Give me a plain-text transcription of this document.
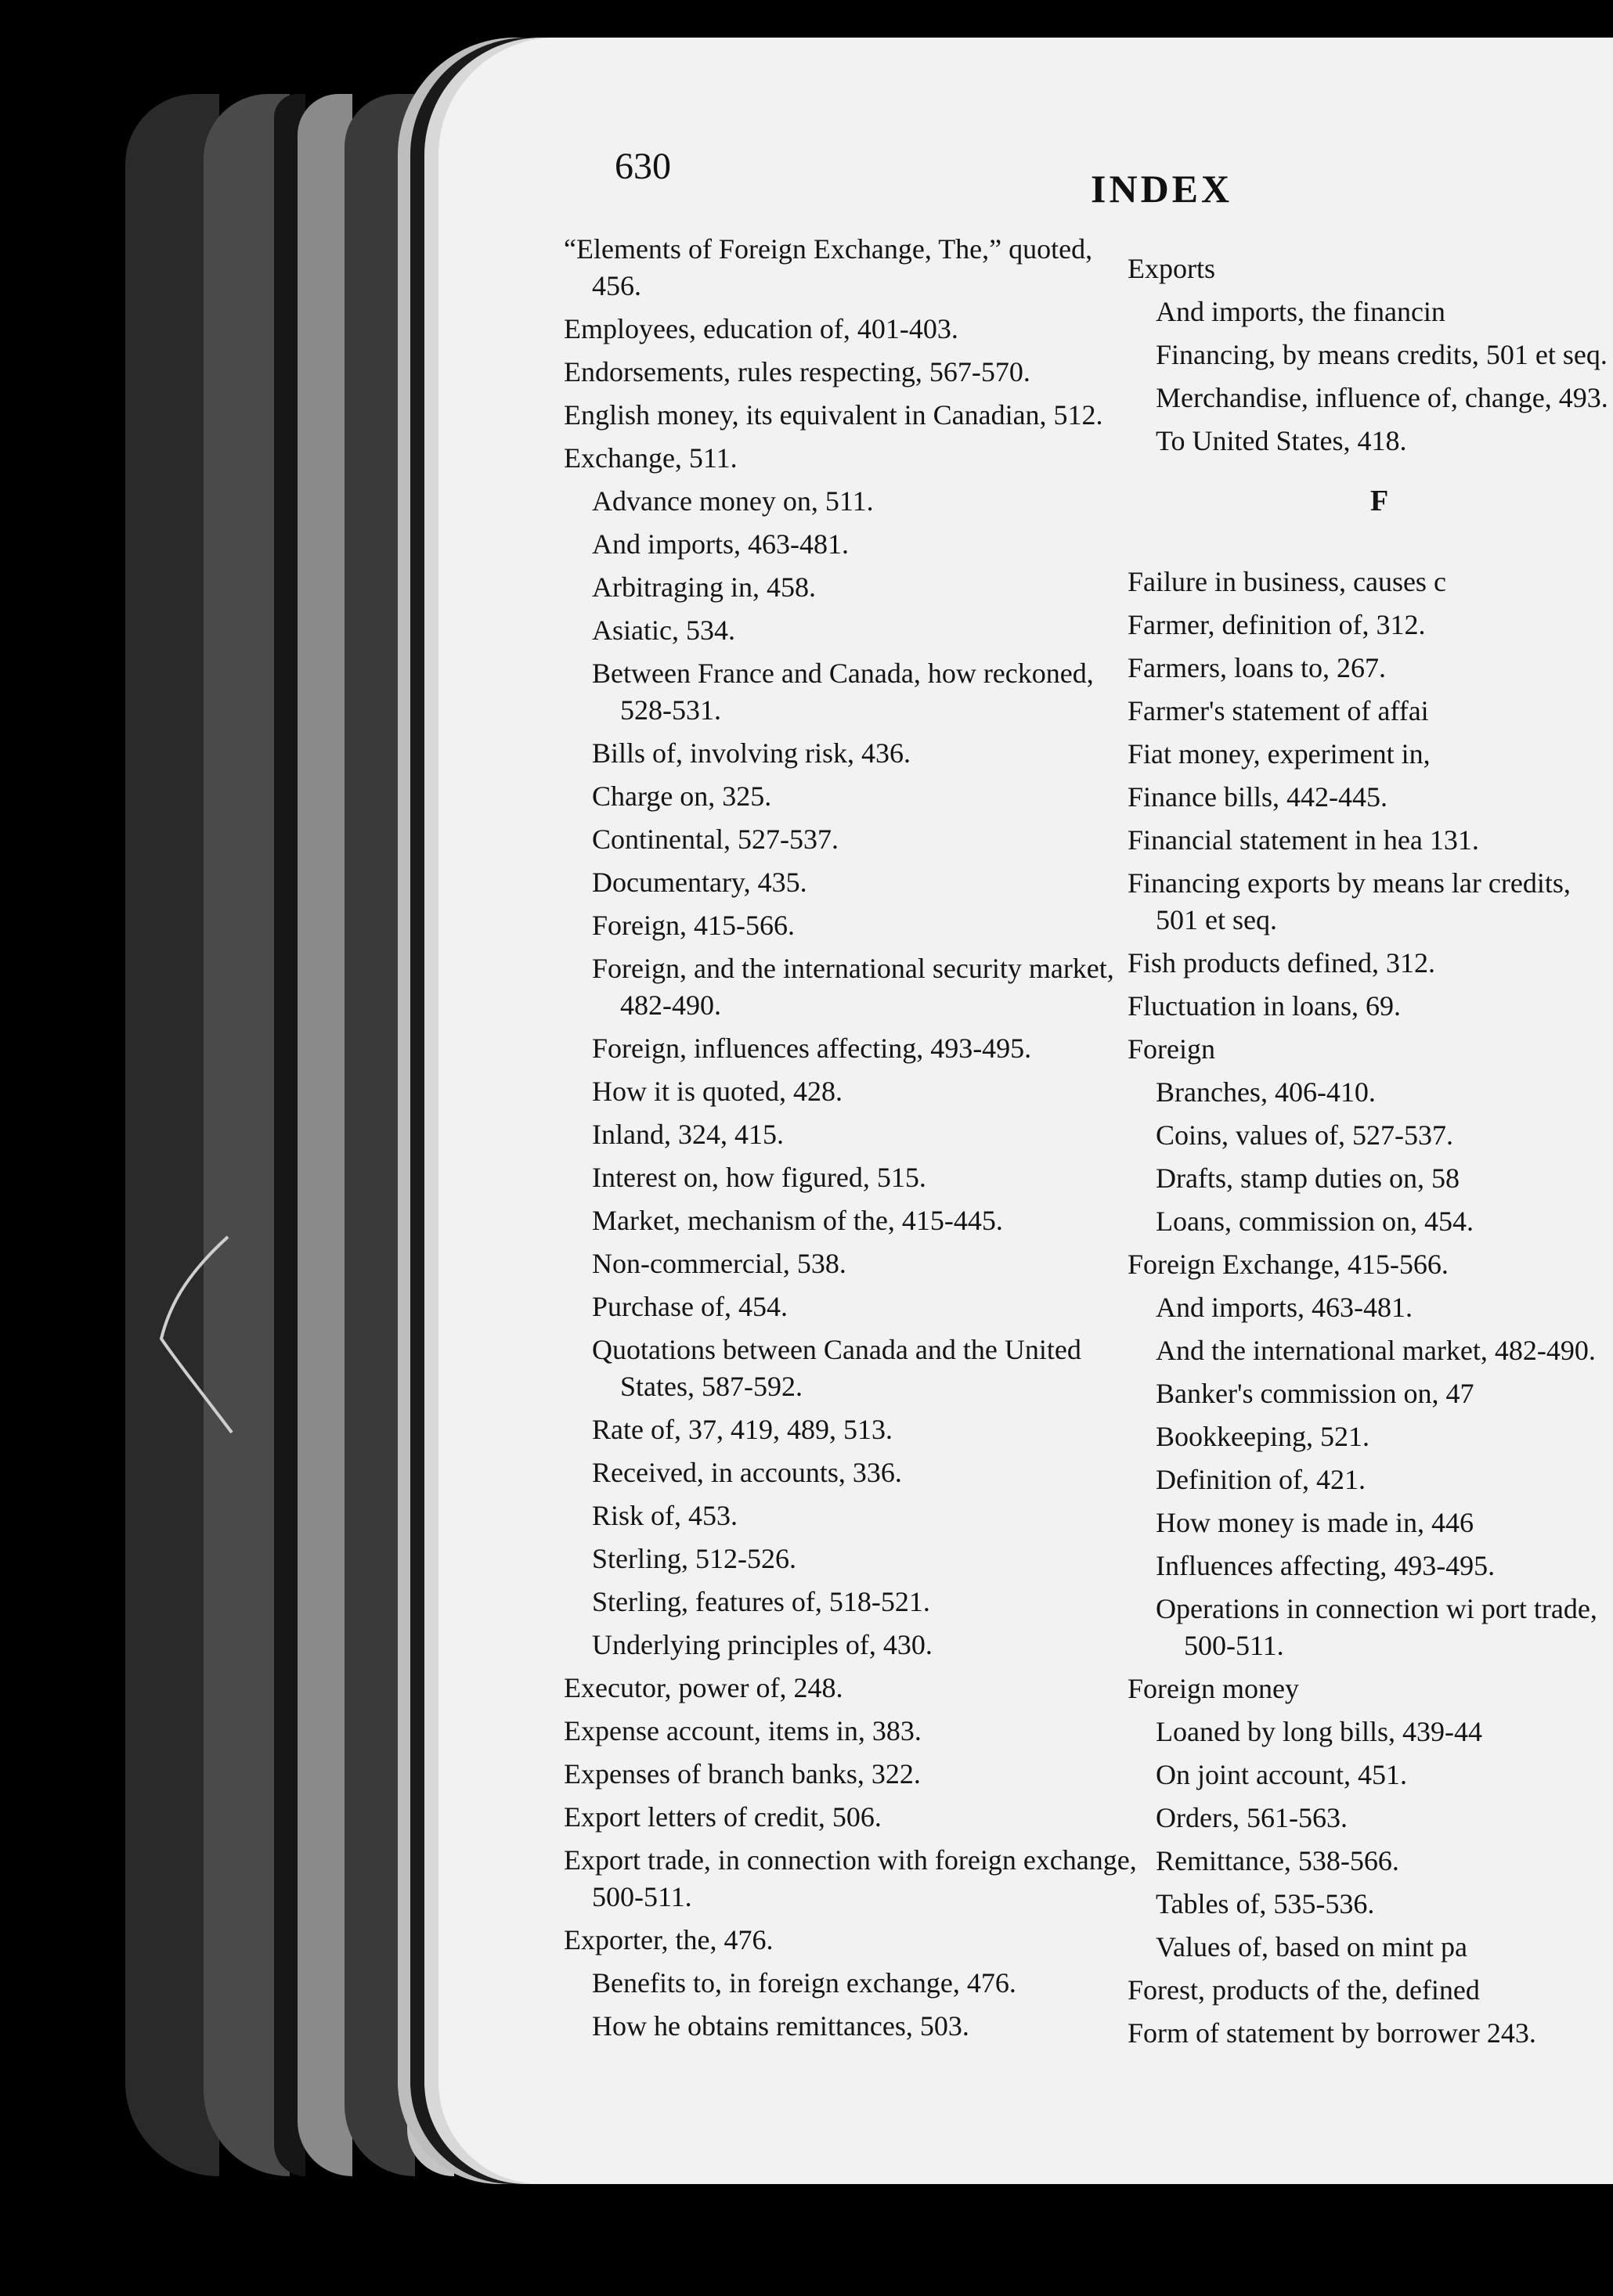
630
INDEX

“Elements of Foreign Exchange, The,” quoted, 456.

Employees, education of, 401-403.

Endorsements, rules respecting, 567-570.

English money, its equivalent in Canadian, 512.

Exchange, 511.

Advance money on, 511.

And imports, 463-481.

Arbitraging in, 458.

Asiatic, 534.

Between France and Canada, how reckoned, 528-531.

Bills of, involving risk, 436.

Charge on, 325.

Continental, 527-537.

Documentary, 435.

Foreign, 415-566.

Foreign, and the international security market, 482-490.

Foreign, influences affecting, 493-495.

How it is quoted, 428.

Inland, 324, 415.

Interest on, how figured, 515.

Market, mechanism of the, 415-445.

Non-commercial, 538.

Purchase of, 454.

Quotations between Canada and the United States, 587-592.

Rate of, 37, 419, 489, 513.

Received, in accounts, 336.

Risk of, 453.

Sterling, 512-526.

Sterling, features of, 518-521.

Underlying principles of, 430.

Executor, power of, 248.

Expense account, items in, 383.

Expenses of branch banks, 322.

Export letters of credit, 506.

Export trade, in connection with foreign exchange, 500-511.

Exporter, the, 476.

Benefits to, in foreign exchange, 476.

How he obtains remittances, 503.

Exports

And imports, the financin

Financing, by means credits, 501 et seq.

Merchandise, influence of, change, 493.

To United States, 418.

F

Failure in business, causes c

Farmer, definition of, 312.

Farmers, loans to, 267.

Farmer's statement of affai

Fiat money, experiment in,

Finance bills, 442-445.

Financial statement in hea 131.

Financing exports by means lar credits, 501 et seq.

Fish products defined, 312.

Fluctuation in loans, 69.

Foreign

Branches, 406-410.

Coins, values of, 527-537.

Drafts, stamp duties on, 58

Loans, commission on, 454.

Foreign Exchange, 415-566.

And imports, 463-481.

And the international market, 482-490.

Banker's commission on, 47

Bookkeeping, 521.

Definition of, 421.

How money is made in, 446

Influences affecting, 493-495.

Operations in connection wi port trade, 500-511.

Foreign money

Loaned by long bills, 439-44

On joint account, 451.

Orders, 561-563.

Remittance, 538-566.

Tables of, 535-536.

Values of, based on mint pa

Forest, products of the, defined

Form of statement by borrower 243.
